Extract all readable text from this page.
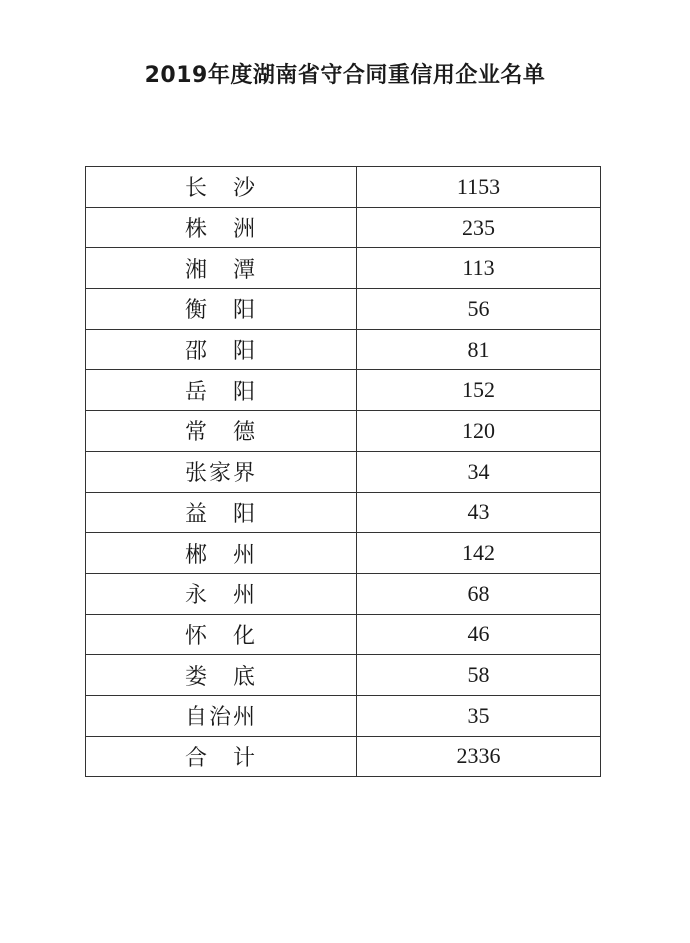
2019年度湖南省守合同重信用企业名单
长　沙	1153
株　洲	235
湘　潭	113
衡　阳	56
邵　阳	81
岳　阳	152
常　德	120
张家界	34
益　阳	43
郴　州	142
永　州	68
怀　化	46
娄　底	58
自治州	35
合　计	2336
